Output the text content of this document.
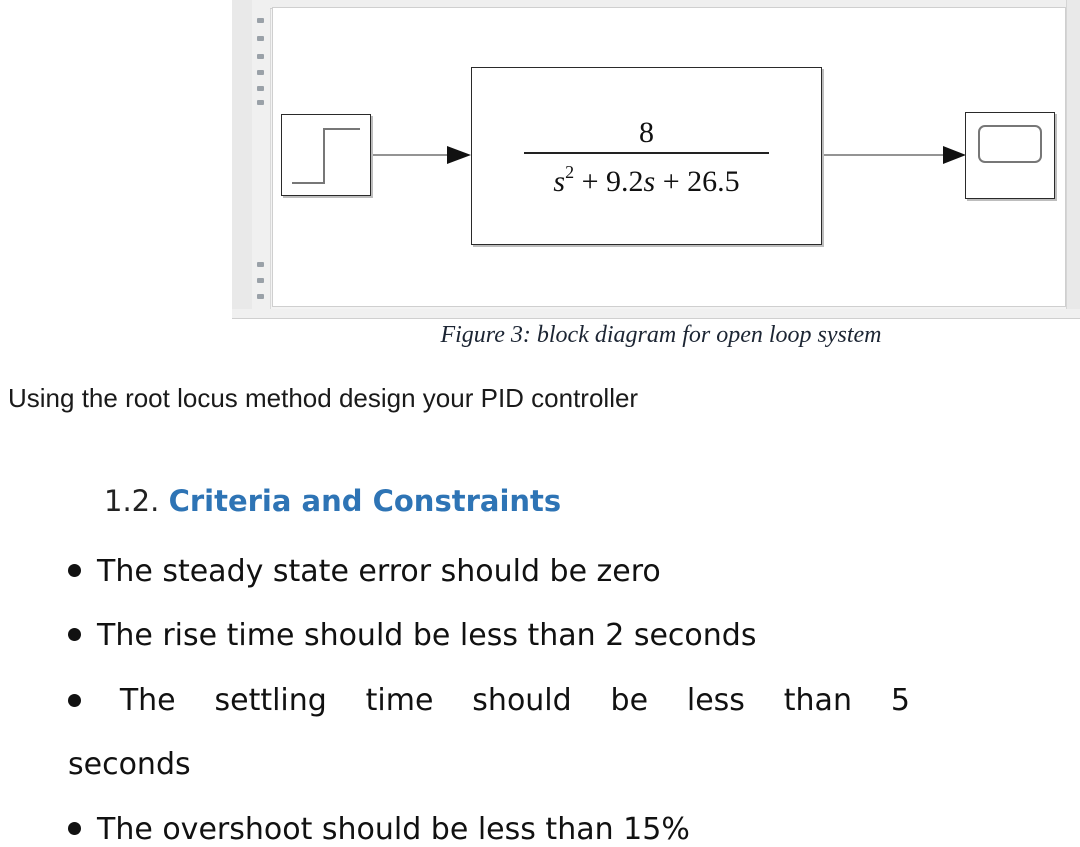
8
$s^2 + 9.2s + 26.5$
Figure 3: block diagram for open loop system
Using the root locus method design your PID controller
1.2. Criteria and Constraints
The steady state error should be zero
The rise time should be less than 2 seconds
The settling time should be less than 5
seconds
The overshoot should be less than 15%
